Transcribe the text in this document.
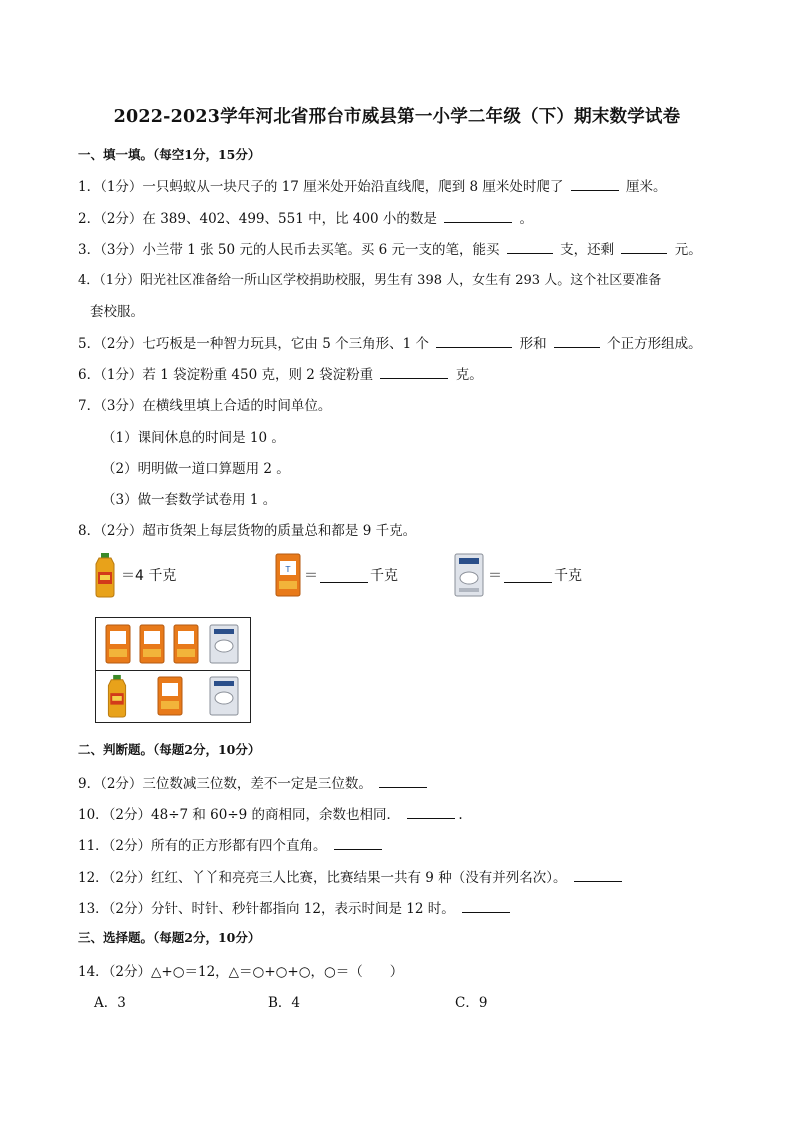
2022-2023学年河北省邢台市威县第一小学二年级（下）期末数学试卷
一、填一填。（每空1分，15分）
1．（1分）一只蚂蚁从一块尺子的 17 厘米处开始沿直线爬，爬到 8 厘米处时爬了	厘米。
2．（2分）在 389、402、499、551 中，比 400 小的数是	。
3．（3分）小兰带 1 张 50 元的人民币去买笔。买 6 元一支的笔，能买	支，还剩	元。
4．（1分）阳光社区准备给一所山区学校捐助校服，男生有 398 人，女生有 293 人。这个社区要准备
套校服。
5．（2分）七巧板是一种智力玩具，它由 5 个三角形、1 个	形和	个正方形组成。
6．（1分）若 1 袋淀粉重 450 克，则 2 袋淀粉重	克。
7．（3分）在横线里填上合适的时间单位。
（1）课间休息的时间是 10 。
（2）明明做一道口算题用 2 。
（3）做一套数学试卷用 1 。
8．（2分）超市货架上每层货物的质量总和都是 9 千克。
＝4 千克	T ＝	千克	＝	千克
二、判断题。（每题2分，10分）
9．（2分）三位数减三位数，差不一定是三位数。
10．（2分）48÷7 和 60÷9 的商相同，余数也相同．	.
11．（2分）所有的正方形都有四个直角。
12．（2分）红红、丫丫和亮亮三人比赛，比赛结果一共有 9 种（没有并列名次）。
13．（2分）分针、时针、秒针都指向 12，表示时间是 12 时。
三、选择题。（每题2分，10分）
14．（2分）△+○＝12，△＝○+○+○，○＝（　　）
A．3	B．4	C．9
